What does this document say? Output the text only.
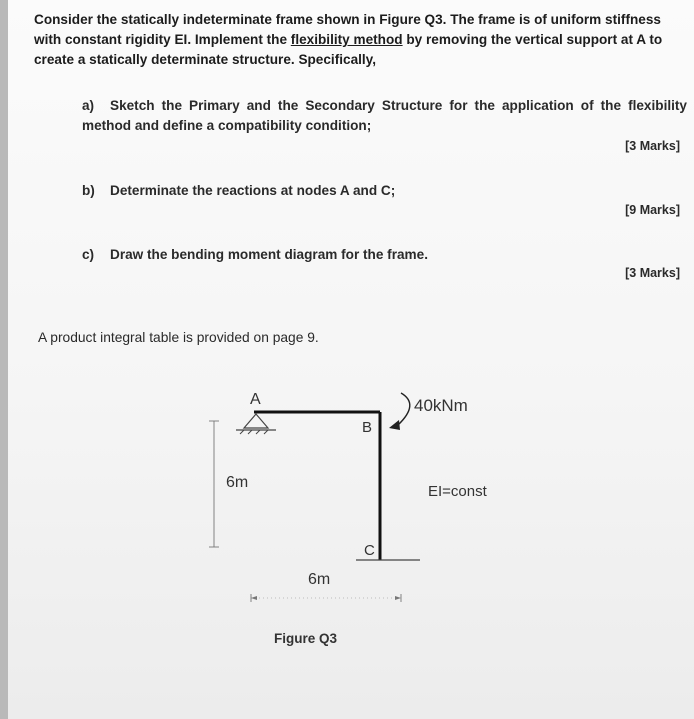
Consider the statically indeterminate frame shown in Figure Q3. The frame is of uniform stiffness with constant rigidity EI. Implement the flexibility method by removing the vertical support at A to create a statically determinate structure. Specifically,
a) Sketch the Primary and the Secondary Structure for the application of the flexibility method and define a compatibility condition;
[3 Marks]
b) Determinate the reactions at nodes A and C;
[9 Marks]
c) Draw the bending moment diagram for the frame.
[3 Marks]
A product integral table is provided on page 9.
A
B
C
40kNm
6m
6m
EI=const
Figure Q3
